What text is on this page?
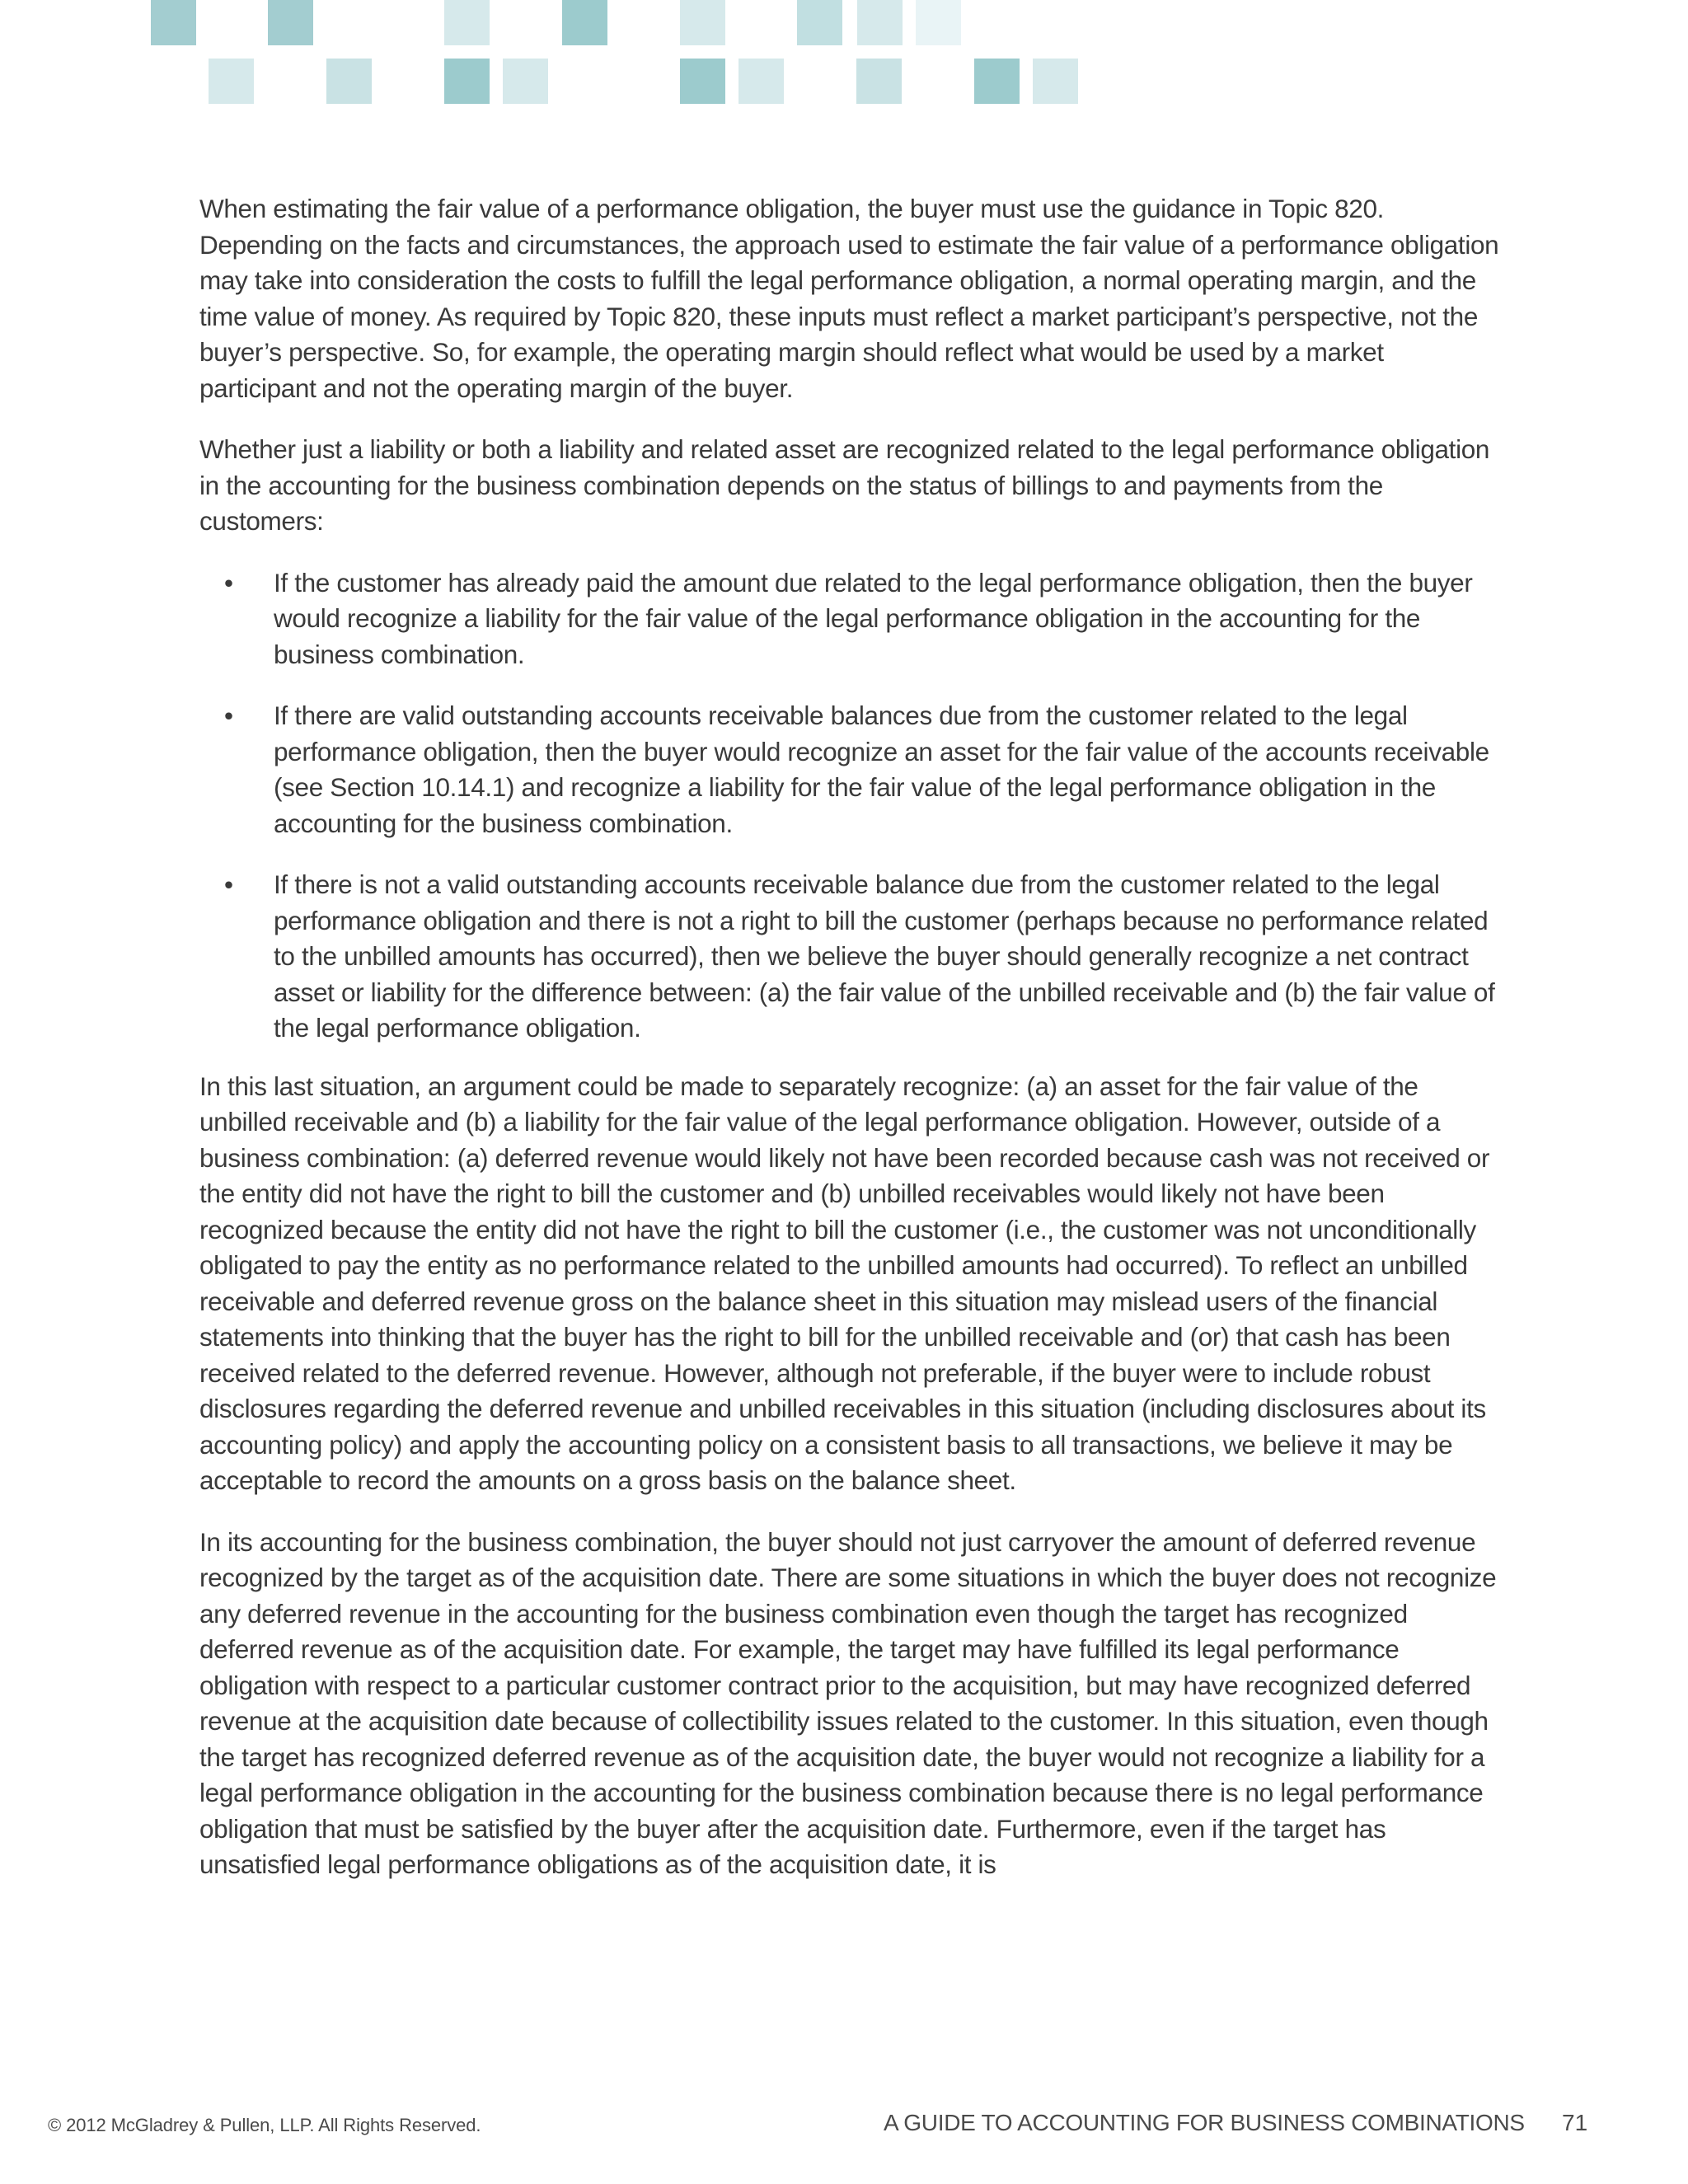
When estimating the fair value of a performance obligation, the buyer must use the guidance in Topic 820. Depending on the facts and circumstances, the approach used to estimate the fair value of a performance obligation may take into consideration the costs to fulfill the legal performance obligation, a normal operating margin, and the time value of money. As required by Topic 820, these inputs must reflect a market participant’s perspective, not the buyer’s perspective. So, for example, the operating margin should reflect what would be used by a market participant and not the operating margin of the buyer.

Whether just a liability or both a liability and related asset are recognized related to the legal performance obligation in the accounting for the business combination depends on the status of billings to and payments from the customers:

• If the customer has already paid the amount due related to the legal performance obligation, then the buyer would recognize a liability for the fair value of the legal performance obligation in the accounting for the business combination.
• If there are valid outstanding accounts receivable balances due from the customer related to the legal performance obligation, then the buyer would recognize an asset for the fair value of the accounts receivable (see Section 10.14.1) and recognize a liability for the fair value of the legal performance obligation in the accounting for the business combination.
• If there is not a valid outstanding accounts receivable balance due from the customer related to the legal performance obligation and there is not a right to bill the customer (perhaps because no performance related to the unbilled amounts has occurred), then we believe the buyer should generally recognize a net contract asset or liability for the difference between: (a) the fair value of the unbilled receivable and (b) the fair value of the legal performance obligation.

In this last situation, an argument could be made to separately recognize: (a) an asset for the fair value of the unbilled receivable and (b) a liability for the fair value of the legal performance obligation. However, outside of a business combination: (a) deferred revenue would likely not have been recorded because cash was not received or the entity did not have the right to bill the customer and (b) unbilled receivables would likely not have been recognized because the entity did not have the right to bill the customer (i.e., the customer was not unconditionally obligated to pay the entity as no performance related to the unbilled amounts had occurred). To reflect an unbilled receivable and deferred revenue gross on the balance sheet in this situation may mislead users of the financial statements into thinking that the buyer has the right to bill for the unbilled receivable and (or) that cash has been received related to the deferred revenue. However, although not preferable, if the buyer were to include robust disclosures regarding the deferred revenue and unbilled receivables in this situation (including disclosures about its accounting policy) and apply the accounting policy on a consistent basis to all transactions, we believe it may be acceptable to record the amounts on a gross basis on the balance sheet.

In its accounting for the business combination, the buyer should not just carryover the amount of deferred revenue recognized by the target as of the acquisition date. There are some situations in which the buyer does not recognize any deferred revenue in the accounting for the business combination even though the target has recognized deferred revenue as of the acquisition date. For example, the target may have fulfilled its legal performance obligation with respect to a particular customer contract prior to the acquisition, but may have recognized deferred revenue at the acquisition date because of collectibility issues related to the customer. In this situation, even though the target has recognized deferred revenue as of the acquisition date, the buyer would not recognize a liability for a legal performance obligation in the accounting for the business combination because there is no legal performance obligation that must be satisfied by the buyer after the acquisition date. Furthermore, even if the target has unsatisfied legal performance obligations as of the acquisition date, it is

© 2012 McGladrey & Pullen, LLP. All Rights Reserved.	A GUIDE TO ACCOUNTING FOR BUSINESS COMBINATIONS 71
